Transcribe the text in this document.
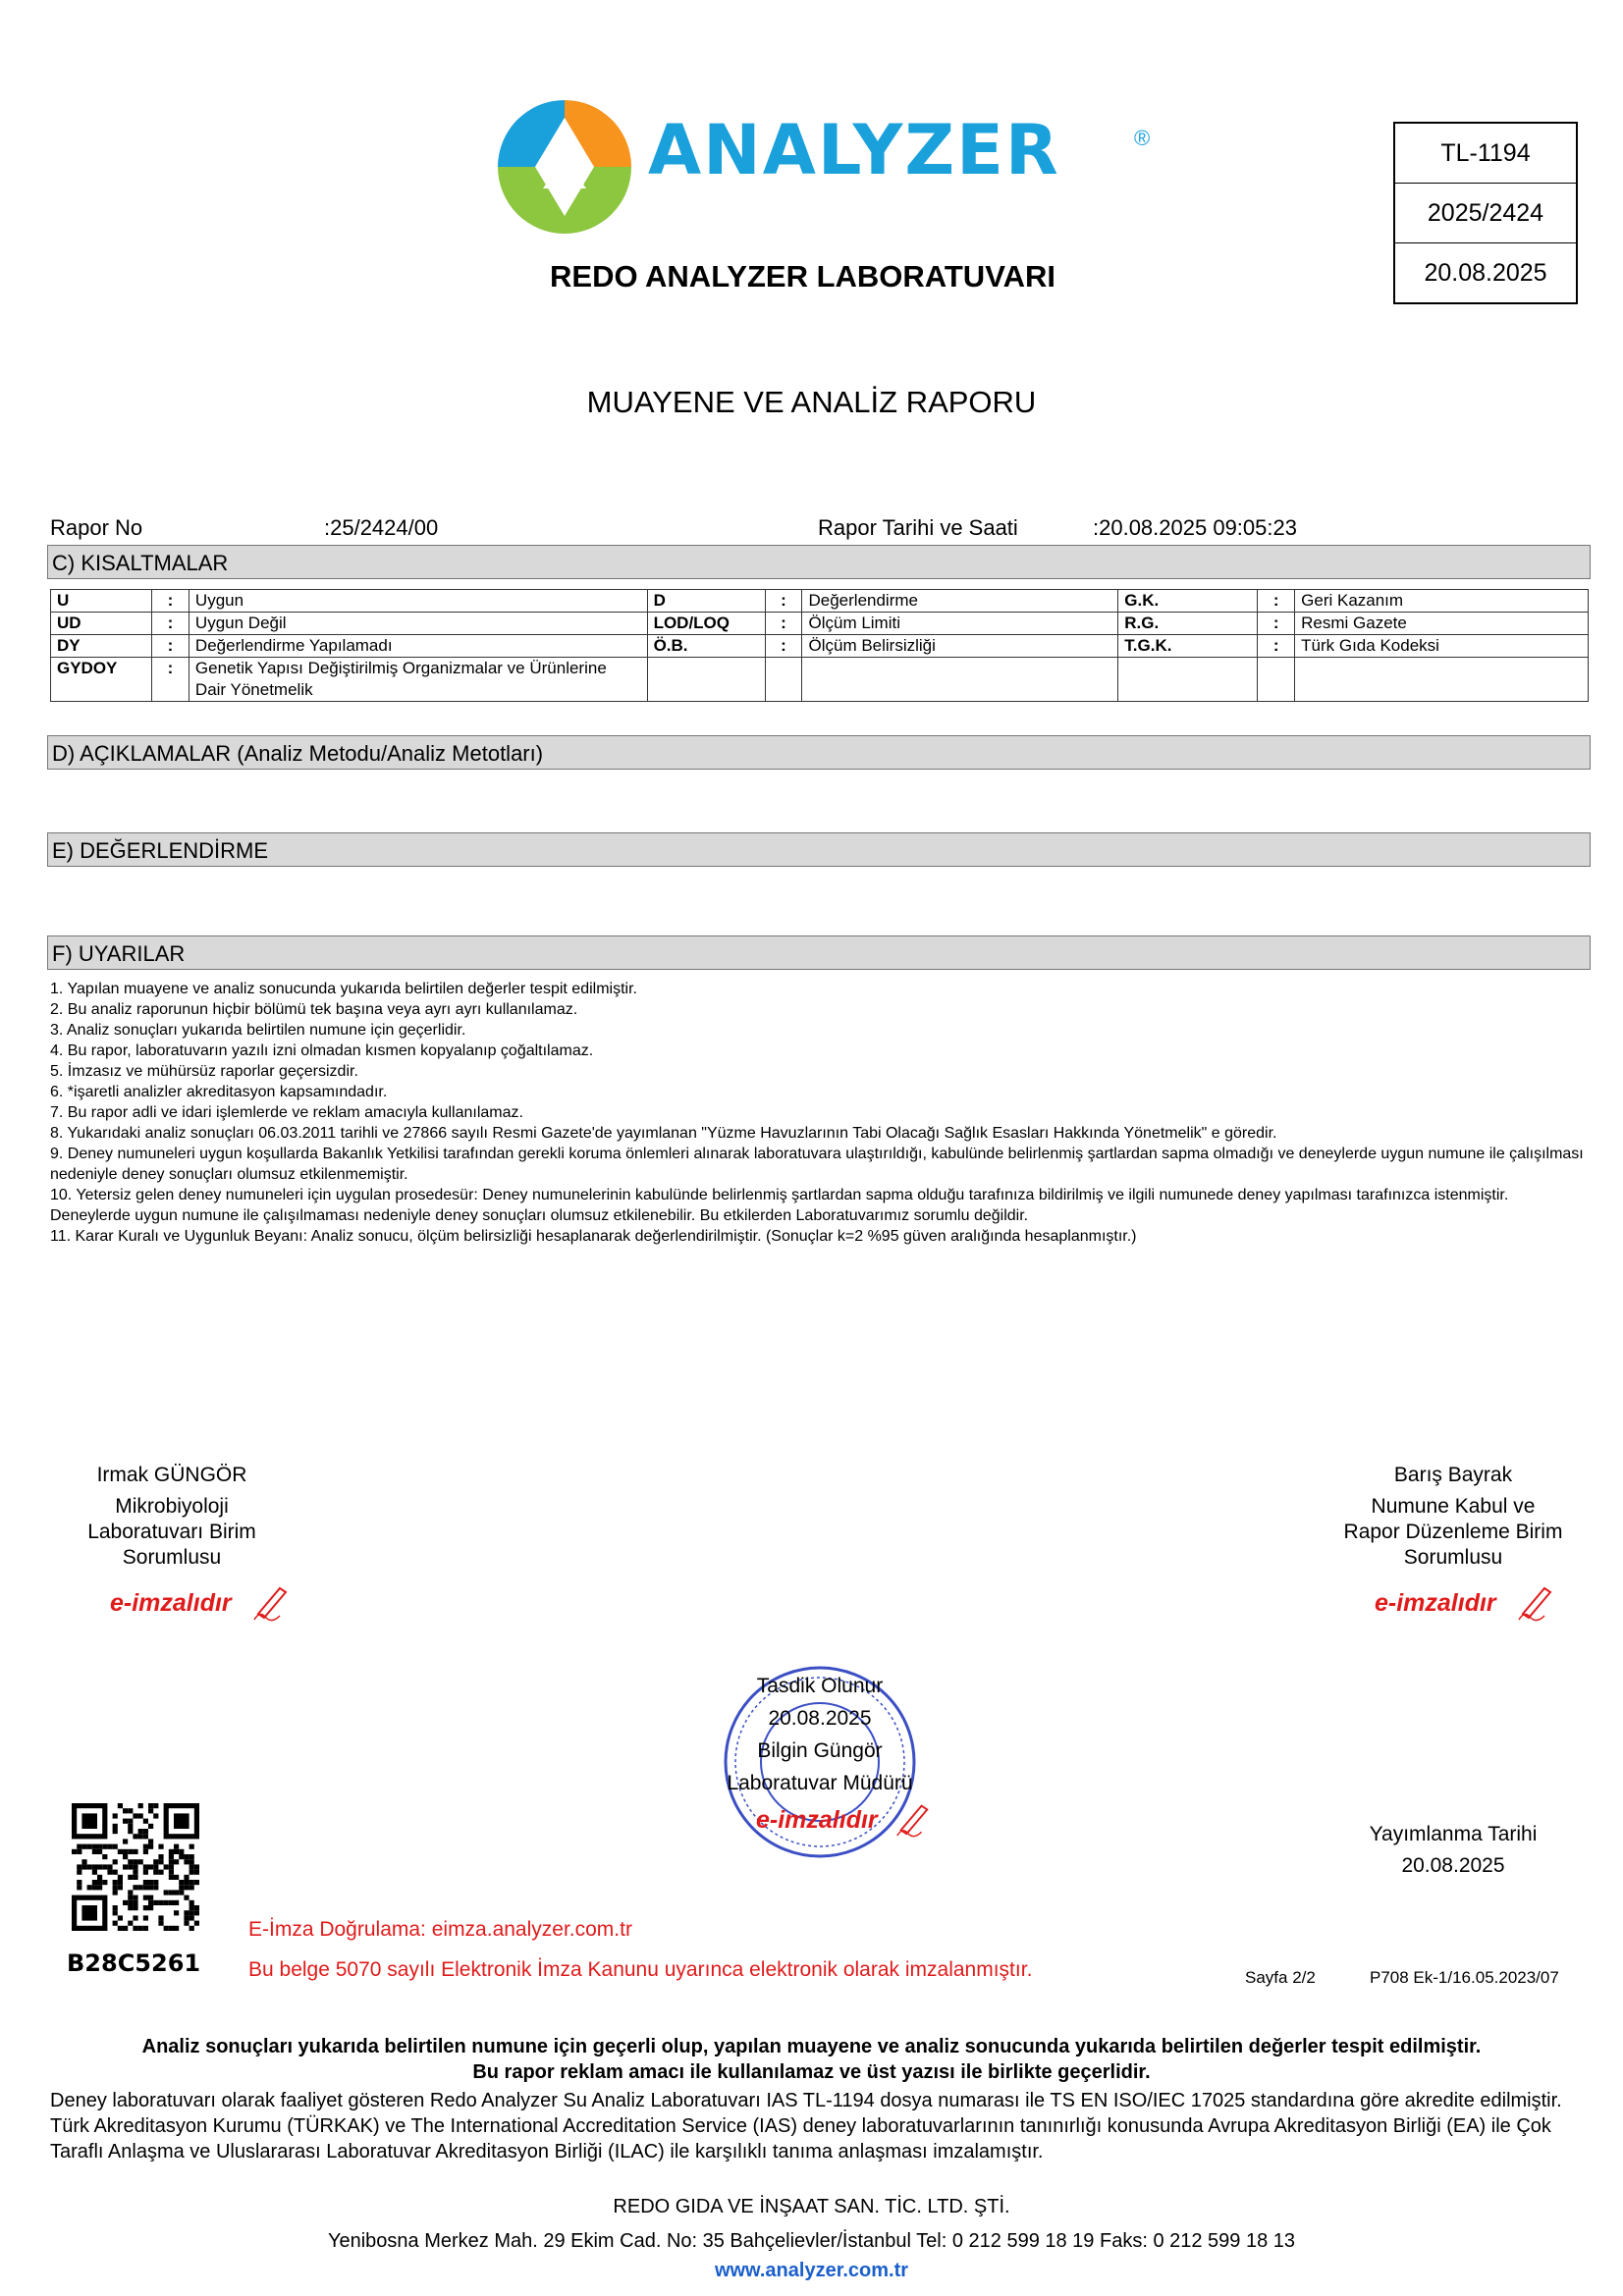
ANALYZER	®
REDO ANALYZER LABORATUVARI
TL-1194
2025/2424
20.08.2025
MUAYENE VE ANALİZ RAPORU
Rapor No	:25/2424/00	Rapor Tarihi ve Saati	:20.08.2025 09:05:23
C) KISALTMALAR
U	:	Uygun	D	:	Değerlendirme	G.K.	:	Geri Kazanım
UD	:	Uygun Değil	LOD/LOQ	:	Ölçüm Limiti	R.G.	:	Resmi Gazete
DY	:	Değerlendirme Yapılamadı	Ö.B.	:	Ölçüm Belirsizliği	T.G.K.	:	Türk Gıda Kodeksi
GYDOY	:	Genetik Yapısı Değiştirilmiş Organizmalar ve Ürünlerine Dair Yönetmelik						
D) AÇIKLAMALAR (Analiz Metodu/Analiz Metotları)
E) DEĞERLENDİRME
F) UYARILAR

1. Yapılan muayene ve analiz sonucunda yukarıda belirtilen değerler tespit edilmiştir.

2. Bu analiz raporunun hiçbir bölümü tek başına veya ayrı ayrı kullanılamaz.

3. Analiz sonuçları yukarıda belirtilen numune için geçerlidir.

4. Bu rapor, laboratuvarın yazılı izni olmadan kısmen kopyalanıp çoğaltılamaz.

5. İmzasız ve mühürsüz raporlar geçersizdir.

6. *işaretli analizler akreditasyon kapsamındadır.

7. Bu rapor adli ve idari işlemlerde ve reklam amacıyla kullanılamaz.

8. Yukarıdaki analiz sonuçları 06.03.2011 tarihli ve 27866 sayılı Resmi Gazete'de yayımlanan "Yüzme Havuzlarının Tabi Olacağı Sağlık Esasları Hakkında Yönetmelik" e göredir.

9. Deney numuneleri uygun koşullarda Bakanlık Yetkilisi tarafından gerekli koruma önlemleri alınarak laboratuvara ulaştırıldığı, kabulünde belirlenmiş şartlardan sapma olmadığı ve deneylerde uygun numune ile çalışılması nedeniyle deney sonuçları olumsuz etkilenmemiştir.

10. Yetersiz gelen deney numuneleri için uygulan prosedesür: Deney numunelerinin kabulünde belirlenmiş şartlardan sapma olduğu tarafınıza bildirilmiş ve ilgili numunede deney yapılması tarafınızca istenmiştir. Deneylerde uygun numune ile çalışılmaması nedeniyle deney sonuçları olumsuz etkilenebilir. Bu etkilerden Laboratuvarımız sorumlu değildir.

11. Karar Kuralı ve Uygunluk Beyanı: Analiz sonucu, ölçüm belirsizliği hesaplanarak değerlendirilmiştir. (Sonuçlar k=2 %95 güven aralığında hesaplanmıştır.)

Irmak GÜNGÖR
Mikrobiyoloji
Laboratuvarı Birim
Sorumlusu
e-imzalıdır
Barış Bayrak
Numune Kabul ve
Rapor Düzenleme Birim
Sorumlusu
e-imzalıdır
Tasdik Olunur
20.08.2025
Bilgin Güngör
Laboratuvar Müdürü
e-imzalıdır
Yayımlanma Tarihi
20.08.2025
B28C5261
E-İmza Doğrulama: eimza.analyzer.com.tr
Bu belge 5070 sayılı Elektronik İmza Kanunu uyarınca elektronik olarak imzalanmıştır.	Sayfa 2/2	P708 Ek-1/16.05.2023/07
Analiz sonuçları yukarıda belirtilen numune için geçerli olup, yapılan muayene ve analiz sonucunda yukarıda belirtilen değerler tespit edilmiştir.
Bu rapor reklam amacı ile kullanılamaz ve üst yazısı ile birlikte geçerlidir.
Deney laboratuvarı olarak faaliyet gösteren Redo Analyzer Su Analiz Laboratuvarı IAS TL-1194 dosya numarası ile TS EN ISO/IEC 17025 standardına göre akredite edilmiştir.
Türk Akreditasyon Kurumu (TÜRKAK) ve The International Accreditation Service (IAS) deney laboratuvarlarının tanınırlığı konusunda Avrupa Akreditasyon Birliği (EA) ile Çok Taraflı Anlaşma ve Uluslararası Laboratuvar Akreditasyon Birliği (ILAC) ile karşılıklı tanıma anlaşması imzalamıştır.
REDO GIDA VE İNŞAAT SAN. TİC. LTD. ŞTİ.
Yenibosna Merkez Mah. 29 Ekim Cad. No: 35 Bahçelievler/İstanbul Tel: 0 212 599 18 19 Faks: 0 212 599 18 13
www.analyzer.com.tr
